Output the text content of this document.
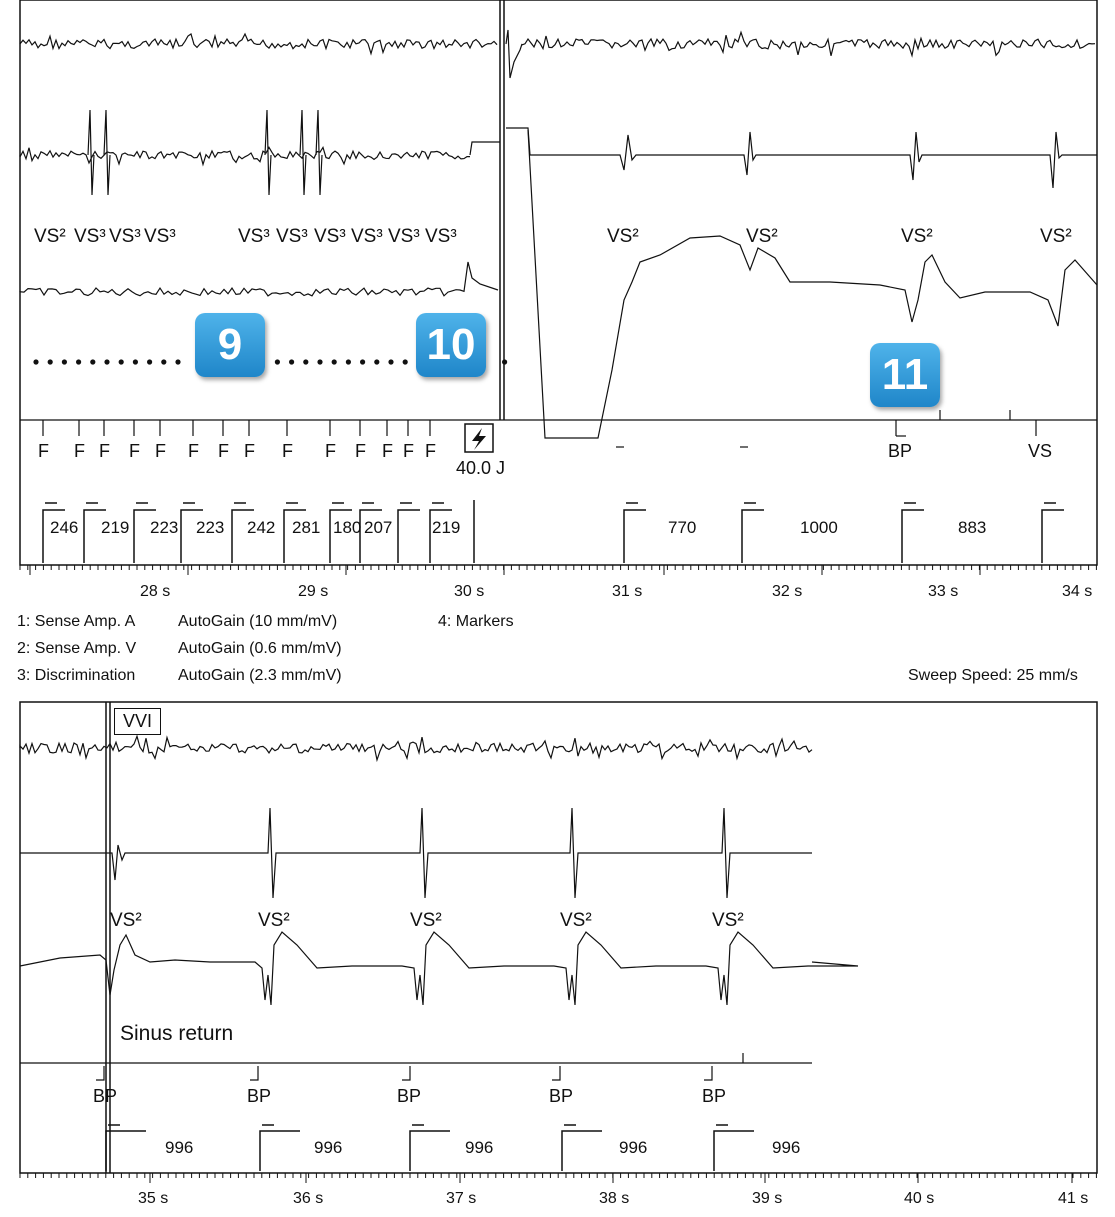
VS² VS³ VS³ VS³	VS³ VS³ VS³ VS³ VS³ VS³	VS²	VS²	VS²	VS²
F F F F F F F F F F F F F F	BP	VS
40.0 J
246 219 223 223 242 281 180 207 219	770	1000	883
28 s	29 s	30 s	31 s	32 s	33 s	34 s
VS²	VS²	VS²	VS²	VS²
Sinus return
BP	BP	BP	BP	BP
996	996	996	996	996
35 s	36 s	37 s	38 s	39 s	40 s	41 s
9	10
11
1: Sense Amp. A	AutoGain (10 mm/mV)	4: Markers
2: Sense Amp. V	AutoGain (0.6 mm/mV)
3: Discrimination	AutoGain (2.3 mm/mV)	Sweep Speed: 25 mm/s
VVI
